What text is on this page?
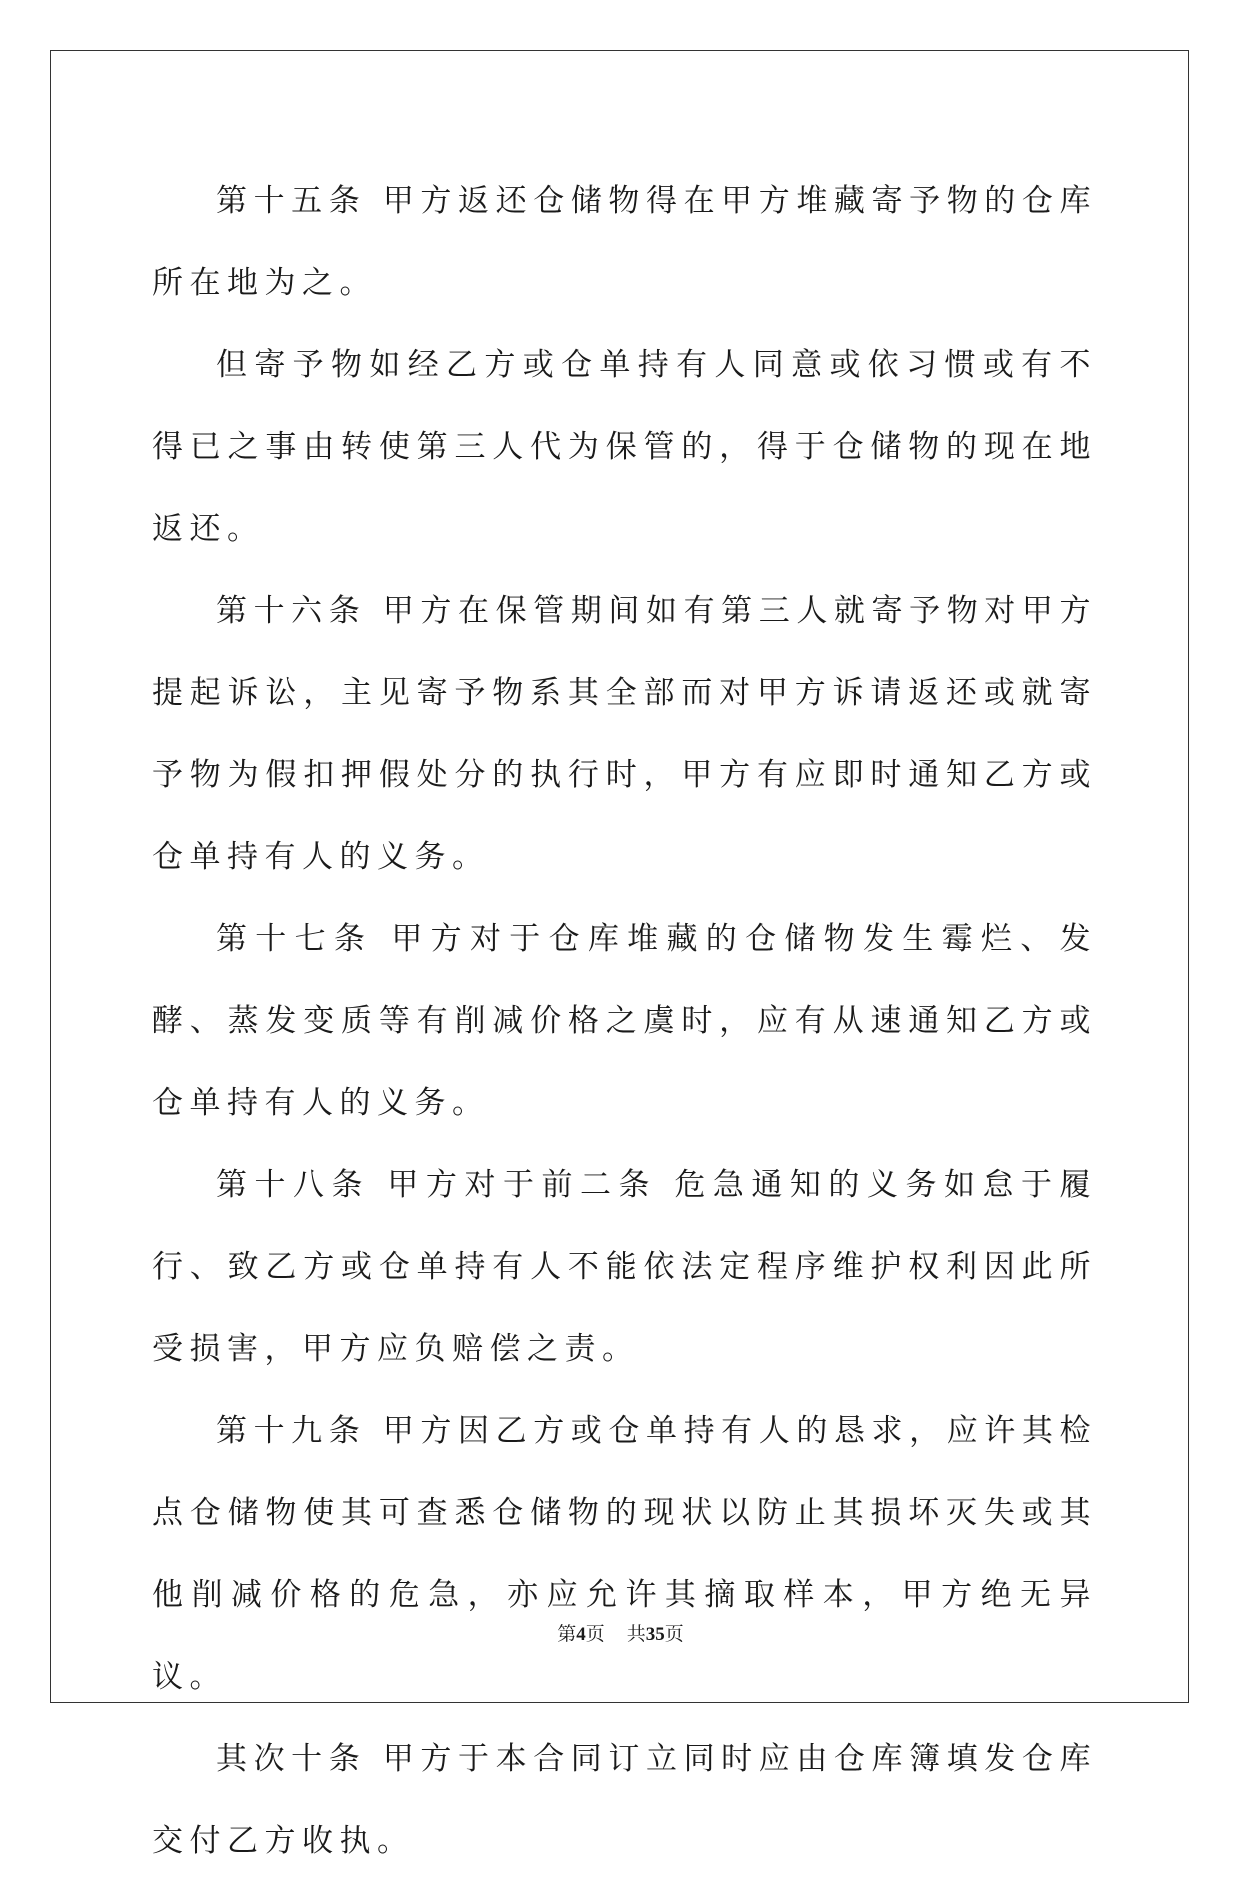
第十五条 甲方返还仓储物得在甲方堆藏寄予物的仓库所在地为之。

但寄予物如经乙方或仓单持有人同意或依习惯或有不得已之事由转使第三人代为保管的，得于仓储物的现在地返还。

第十六条 甲方在保管期间如有第三人就寄予物对甲方提起诉讼，主见寄予物系其全部而对甲方诉请返还或就寄予物为假扣押假处分的执行时，甲方有应即时通知乙方或仓单持有人的义务。

第十七条 甲方对于仓库堆藏的仓储物发生霉烂、发酵、蒸发变质等有削减价格之虞时，应有从速通知乙方或仓单持有人的义务。

第十八条 甲方对于前二条 危急通知的义务如怠于履行、致乙方或仓单持有人不能依法定程序维护权利因此所受损害，甲方应负赔偿之责。

第十九条 甲方因乙方或仓单持有人的恳求，应许其检点仓储物使其可查悉仓储物的现状以防止其损坏灭失或其他削减价格的危急，亦应允许其摘取样本，甲方绝无异议。

其次十条 甲方于本合同订立同时应由仓库簿填发仓库交付乙方收执。

第4页 共35页
